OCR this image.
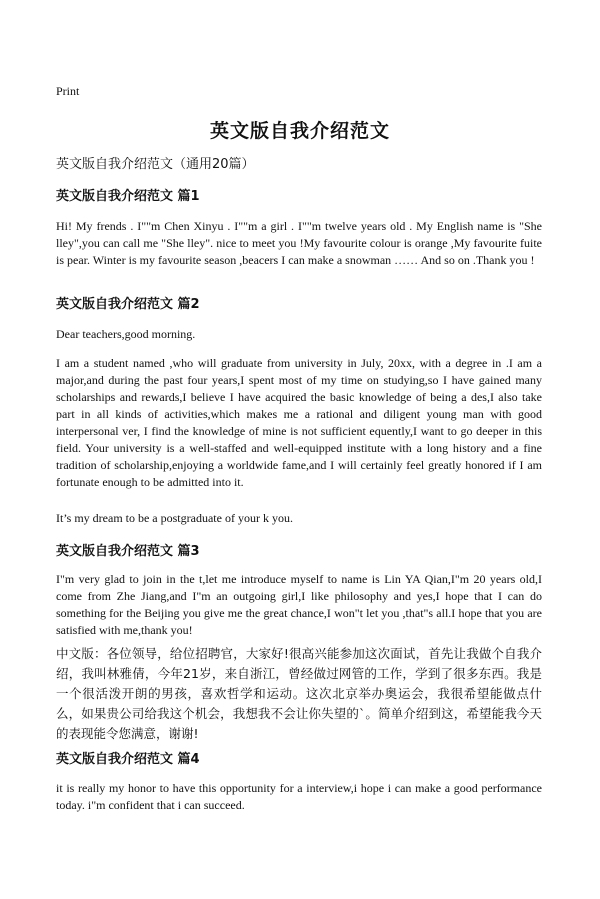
Print
英文版自我介绍范文
英文版自我介绍范文（通用20篇）
英文版自我介绍范文 篇1
Hi! My frends . I""m Chen Xinyu . I""m a girl . I""m twelve years old . My English name is "She lley",you can call me "She lley". nice to meet you !My favourite colour is orange ,My favourite fuite is pear. Winter is my favourite season ,beacers I can make a snowman …… And so on .Thank you !
英文版自我介绍范文 篇2
Dear teachers,good morning.
I am a student named ,who will graduate from university in July, 20xx, with a degree in .I am a major,and during the past four years,I spent most of my time on studying,so I have gained many scholarships and rewards,I believe I have acquired the basic knowledge of being a des,I also take part in all kinds of activities,which makes me a rational and diligent young man with good interpersonal ver, I find the knowledge of mine is not sufficient equently,I want to go deeper in this field. Your university is a well-staffed and well-equipped institute with a long history and a fine tradition of scholarship,enjoying a worldwide fame,and I will certainly feel greatly honored if I am fortunate enough to be admitted into it.
It’s my dream to be a postgraduate of your k you.
英文版自我介绍范文 篇3
I"m very glad to join in the t,let me introduce myself to name is Lin YA Qian,I"m 20 years old,I come from Zhe Jiang,and I"m an outgoing girl,I like philosophy and yes,I hope that I can do something for the Beijing you give me the great chance,I won"t let you ,that"s all.I hope that you are satisfied with me,thank you!
中文版：各位领导，给位招聘官，大家好!很高兴能参加这次面试，首先让我做个自我介绍，我叫林雅倩，今年21岁，来自浙江，曾经做过网管的工作，学到了很多东西。我是一个很活泼开朗的男孩，喜欢哲学和运动。这次北京举办奥运会，我很希望能做点什么，如果贵公司给我这个机会，我想我不会让你失望的`。简单介绍到这，希望能我今天的表现能令您满意，谢谢!
英文版自我介绍范文 篇4
it is really my honor to have this opportunity for a interview,i hope i can make a good performance today. i"m confident that i can succeed.
